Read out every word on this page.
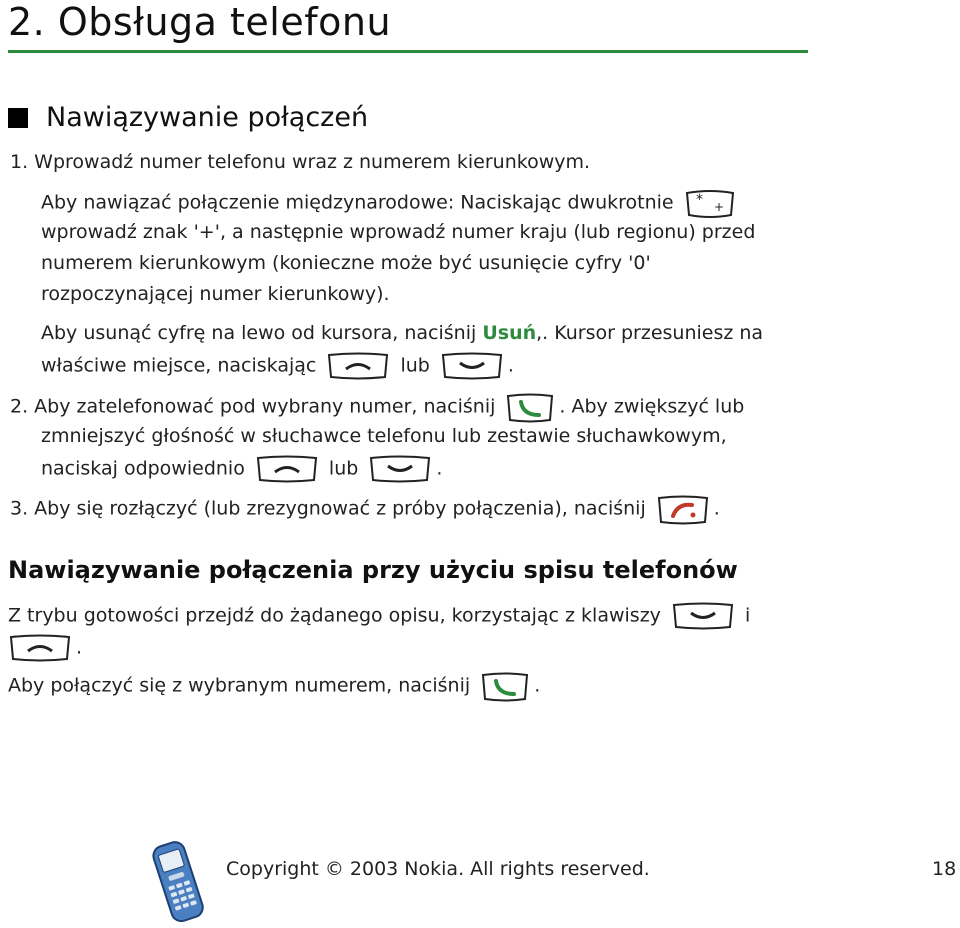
2. Obsługa telefonu
Nawiązywanie połączeń
1. Wprowadź numer telefonu wraz z numerem kierunkowym.
Aby nawiązać połączenie międzynarodowe: Naciskając dwukrotnie * +
wprowadź znak '+', a następnie wprowadź numer kraju (lub regionu) przed
numerem kierunkowym (konieczne może być usunięcie cyfry '0'
rozpoczynającej numer kierunkowy).
Aby usunąć cyfrę na lewo od kursora, naciśnij Usuń,. Kursor przesuniesz na
właściwe miejsce, naciskając	lub	.
2. Aby zatelefonować pod wybrany numer, naciśnij	. Aby zwiększyć lub
zmniejszyć głośność w słuchawce telefonu lub zestawie słuchawkowym,
naciskaj odpowiednio	lub	.
3. Aby się rozłączyć (lub zrezygnować z próby połączenia), naciśnij	.
Nawiązywanie połączenia przy użyciu spisu telefonów
Z trybu gotowości przejdź do żądanego opisu, korzystając z klawiszy	i
.
Aby połączyć się z wybranym numerem, naciśnij	.
Copyright © 2003 Nokia. All rights reserved.	18
